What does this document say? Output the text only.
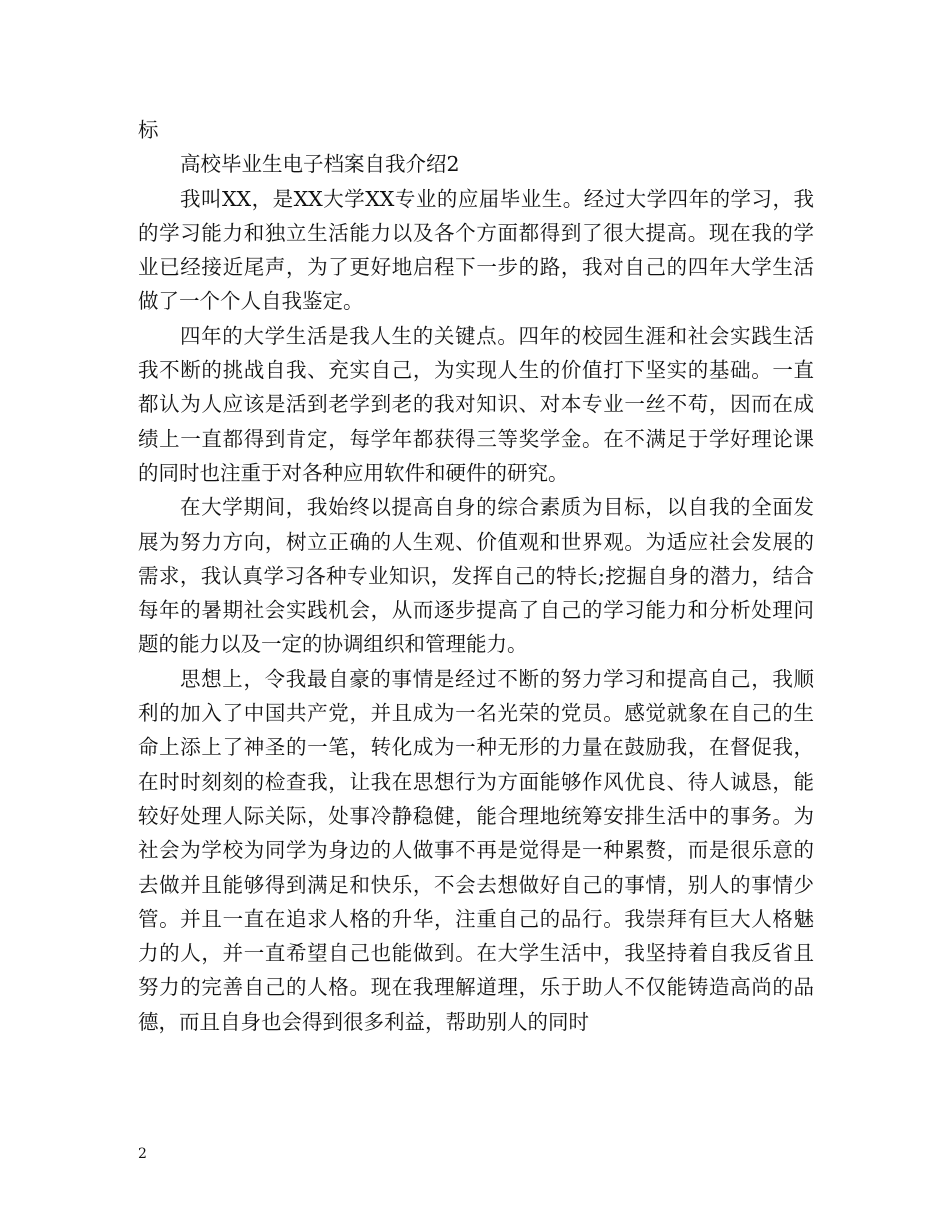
标

高校毕业生电子档案自我介绍2

我叫XX，是XX大学XX专业的应届毕业生。经过大学四年的学习，我的学习能力和独立生活能力以及各个方面都得到了很大提高。现在我的学业已经接近尾声，为了更好地启程下一步的路，我对自己的四年大学生活做了一个个人自我鉴定。

四年的大学生活是我人生的关键点。四年的校园生涯和社会实践生活我不断的挑战自我、充实自己，为实现人生的价值打下坚实的基础。一直都认为人应该是活到老学到老的我对知识、对本专业一丝不苟，因而在成绩上一直都得到肯定，每学年都获得三等奖学金。在不满足于学好理论课的同时也注重于对各种应用软件和硬件的研究。

在大学期间，我始终以提高自身的综合素质为目标，以自我的全面发展为努力方向，树立正确的人生观、价值观和世界观。为适应社会发展的需求，我认真学习各种专业知识，发挥自己的特长;挖掘自身的潜力，结合每年的暑期社会实践机会，从而逐步提高了自己的学习能力和分析处理问题的能力以及一定的协调组织和管理能力。

思想上，令我最自豪的事情是经过不断的努力学习和提高自己，我顺利的加入了中国共产党，并且成为一名光荣的党员。感觉就象在自己的生命上添上了神圣的一笔，转化成为一种无形的力量在鼓励我，在督促我，在时时刻刻的检查我，让我在思想行为方面能够作风优良、待人诚恳，能较好处理人际关际，处事冷静稳健，能合理地统筹安排生活中的事务。为社会为学校为同学为身边的人做事不再是觉得是一种累赘，而是很乐意的去做并且能够得到满足和快乐，不会去想做好自己的事情，别人的事情少管。并且一直在追求人格的升华，注重自己的品行。我崇拜有巨大人格魅力的人，并一直希望自己也能做到。在大学生活中，我坚持着自我反省且努力的完善自己的人格。现在我理解道理，乐于助人不仅能铸造高尚的品德，而且自身也会得到很多利益，帮助别人的同时

2
